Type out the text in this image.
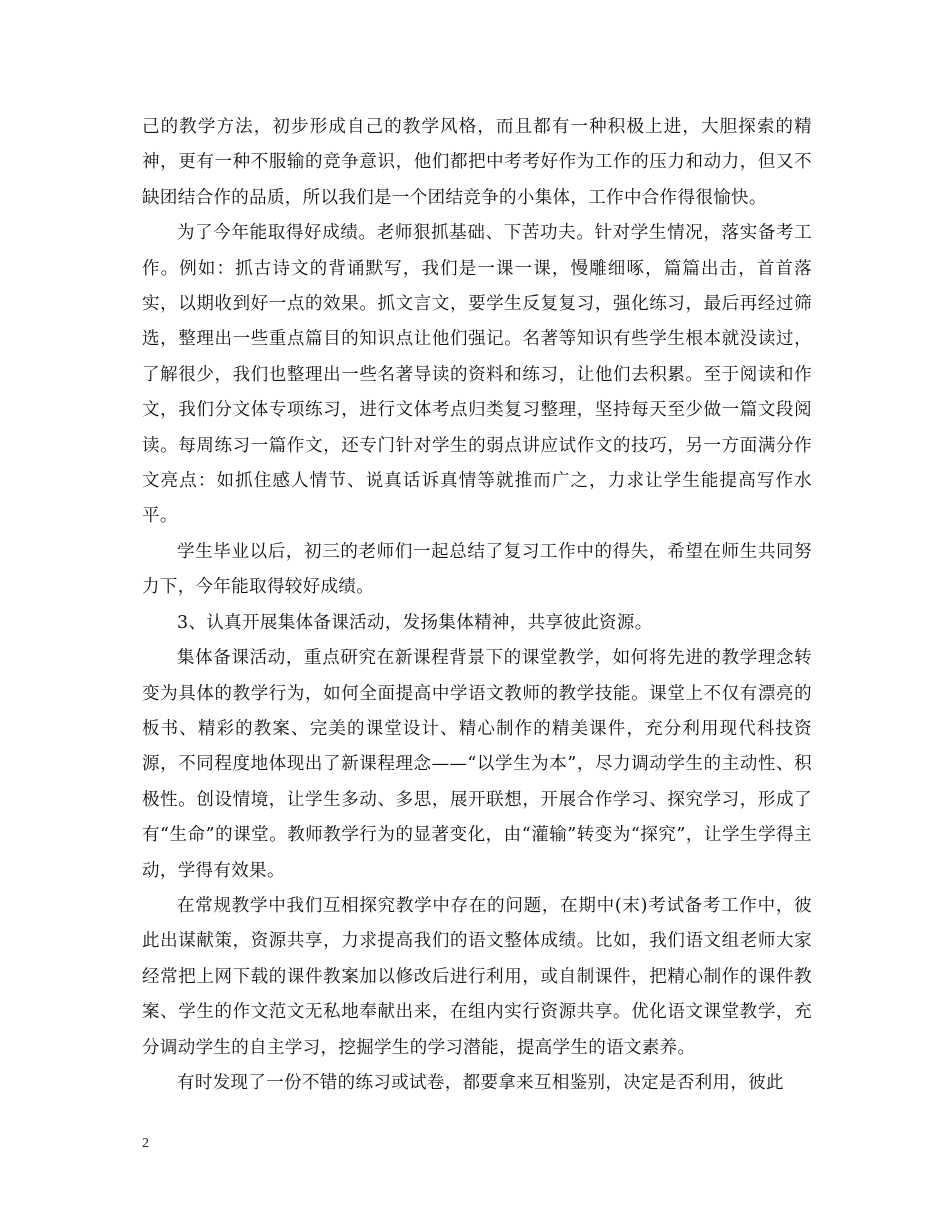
己的教学方法，初步形成自己的教学风格，而且都有一种积极上进，大胆探索的精神，更有一种不服输的竞争意识，他们都把中考考好作为工作的压力和动力，但又不缺团结合作的品质，所以我们是一个团结竞争的小集体，工作中合作得很愉快。

为了今年能取得好成绩。老师狠抓基础、下苦功夫。针对学生情况，落实备考工作。例如：抓古诗文的背诵默写，我们是一课一课，慢雕细啄，篇篇出击，首首落实，以期收到好一点的效果。抓文言文，要学生反复复习，强化练习，最后再经过筛选，整理出一些重点篇目的知识点让他们强记。名著等知识有些学生根本就没读过，了解很少，我们也整理出一些名著导读的资料和练习，让他们去积累。至于阅读和作文，我们分文体专项练习，进行文体考点归类复习整理，坚持每天至少做一篇文段阅读。每周练习一篇作文，还专门针对学生的弱点讲应试作文的技巧，另一方面满分作文亮点：如抓住感人情节、说真话诉真情等就推而广之，力求让学生能提高写作水平。

学生毕业以后，初三的老师们一起总结了复习工作中的得失，希望在师生共同努力下，今年能取得较好成绩。

3、认真开展集体备课活动，发扬集体精神，共享彼此资源。

集体备课活动，重点研究在新课程背景下的课堂教学，如何将先进的教学理念转变为具体的教学行为，如何全面提高中学语文教师的教学技能。课堂上不仅有漂亮的板书、精彩的教案、完美的课堂设计、精心制作的精美课件，充分利用现代科技资源，不同程度地体现出了新课程理念——“以学生为本”，尽力调动学生的主动性、积极性。创设情境，让学生多动、多思，展开联想，开展合作学习、探究学习，形成了有“生命”的课堂。教师教学行为的显著变化，由“灌输”转变为“探究”，让学生学得主动，学得有效果。

在常规教学中我们互相探究教学中存在的问题，在期中(末)考试备考工作中，彼此出谋献策，资源共享，力求提高我们的语文整体成绩。比如，我们语文组老师大家经常把上网下载的课件教案加以修改后进行利用，或自制课件，把精心制作的课件教案、学生的作文范文无私地奉献出来，在组内实行资源共享。优化语文课堂教学，充分调动学生的自主学习，挖掘学生的学习潜能，提高学生的语文素养。

有时发现了一份不错的练习或试卷，都要拿来互相鉴别，决定是否利用，彼此

2
